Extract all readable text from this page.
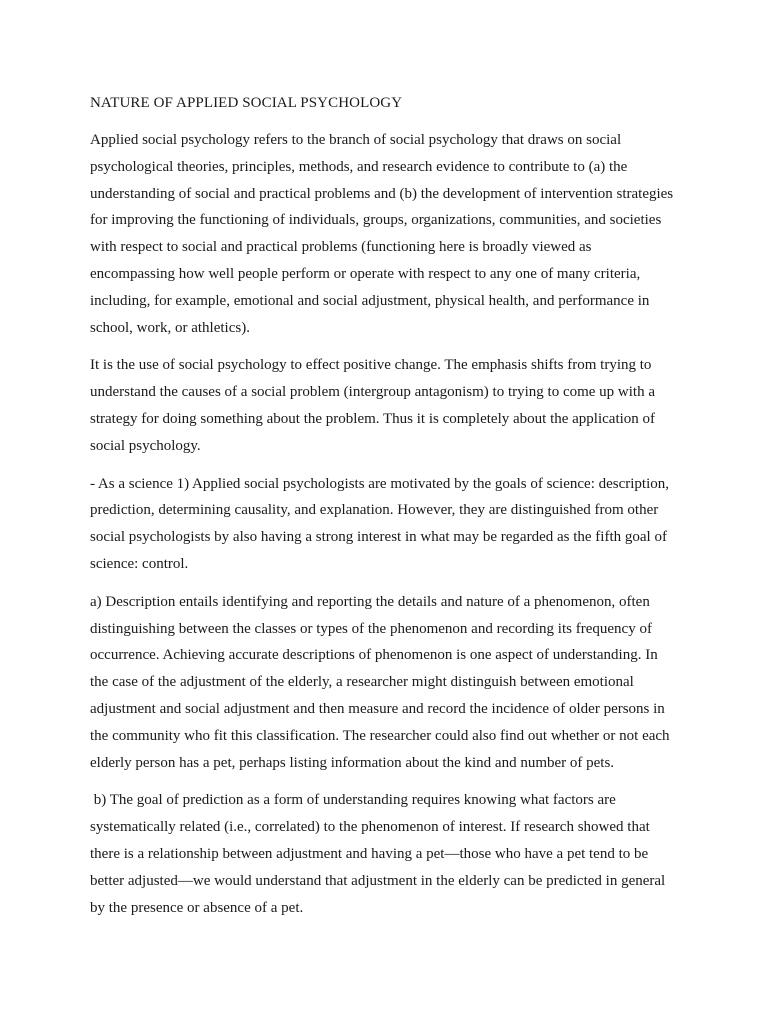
NATURE OF APPLIED SOCIAL PSYCHOLOGY

Applied social psychology refers to the branch of social psychology that draws on social
psychological theories, principles, methods, and research evidence to contribute to (a) the
understanding of social and practical problems and (b) the development of intervention strategies
for improving the functioning of individuals, groups, organizations, communities, and societies
with respect to social and practical problems (functioning here is broadly viewed as
encompassing how well people perform or operate with respect to any one of many criteria,
including, for example, emotional and social adjustment, physical health, and performance in
school, work, or athletics).

It is the use of social psychology to effect positive change. The emphasis shifts from trying to
understand the causes of a social problem (intergroup antagonism) to trying to come up with a
strategy for doing something about the problem. Thus it is completely about the application of
social psychology.

- As a science 1) Applied social psychologists are motivated by the goals of science: description,
prediction, determining causality, and explanation. However, they are distinguished from other
social psychologists by also having a strong interest in what may be regarded as the fifth goal of
science: control.

a) Description entails identifying and reporting the details and nature of a phenomenon, often
distinguishing between the classes or types of the phenomenon and recording its frequency of
occurrence. Achieving accurate descriptions of phenomenon is one aspect of understanding. In
the case of the adjustment of the elderly, a researcher might distinguish between emotional
adjustment and social adjustment and then measure and record the incidence of older persons in
the community who fit this classification. The researcher could also find out whether or not each
elderly person has a pet, perhaps listing information about the kind and number of pets.

b) The goal of prediction as a form of understanding requires knowing what factors are
systematically related (i.e., correlated) to the phenomenon of interest. If research showed that
there is a relationship between adjustment and having a pet—those who have a pet tend to be
better adjusted—we would understand that adjustment in the elderly can be predicted in general
by the presence or absence of a pet.
